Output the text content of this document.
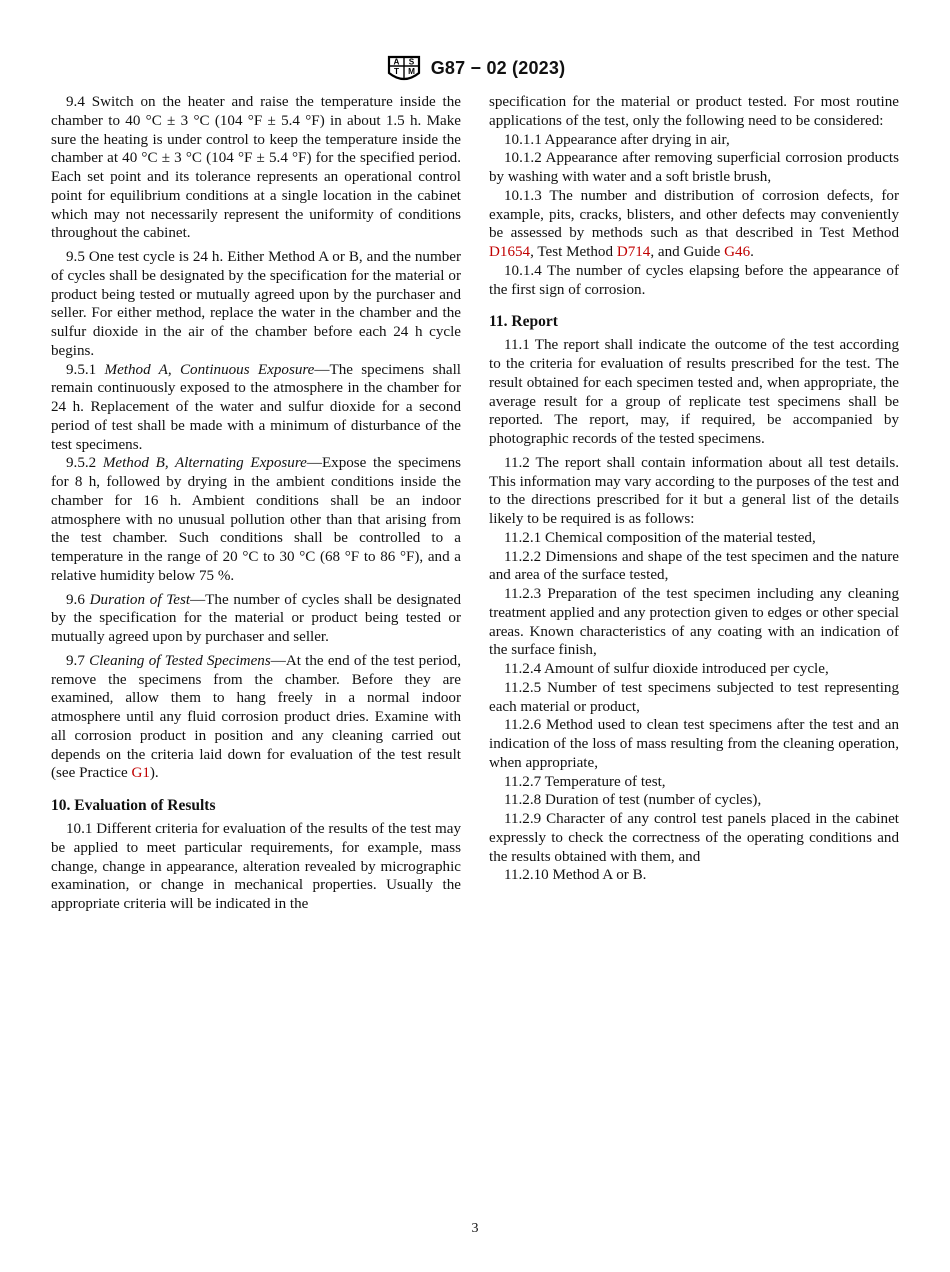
A S
T M G87 − 02 (2023)

9.4 Switch on the heater and raise the temperature inside the chamber to 40 °C ± 3 °C (104 °F ± 5.4 °F) in about 1.5 h. Make sure the heating is under control to keep the temperature inside the chamber at 40 °C ± 3 °C (104 °F ± 5.4 °F) for the specified period. Each set point and its tolerance represents an operational control point for equilibrium conditions at a single location in the cabinet which may not necessarily represent the uniformity of conditions throughout the cabinet.

9.5 One test cycle is 24 h. Either Method A or B, and the number of cycles shall be designated by the specification for the material or product being tested or mutually agreed upon by the purchaser and seller. For either method, replace the water in the chamber and the sulfur dioxide in the air of the chamber before each 24 h cycle begins.

9.5.1 Method A, Continuous Exposure—The specimens shall remain continuously exposed to the atmosphere in the chamber for 24 h. Replacement of the water and sulfur dioxide for a second period of test shall be made with a minimum of disturbance of the test specimens.

9.5.2 Method B, Alternating Exposure—Expose the specimens for 8 h, followed by drying in the ambient conditions inside the chamber for 16 h. Ambient conditions shall be an indoor atmosphere with no unusual pollution other than that arising from the test chamber. Such conditions shall be controlled to a temperature in the range of 20 °C to 30 °C (68 °F to 86 °F), and a relative humidity below 75 %.

9.6 Duration of Test—The number of cycles shall be designated by the specification for the material or product being tested or mutually agreed upon by purchaser and seller.

9.7 Cleaning of Tested Specimens—At the end of the test period, remove the specimens from the chamber. Before they are examined, allow them to hang freely in a normal indoor atmosphere until any fluid corrosion product dries. Examine with all corrosion product in position and any cleaning carried out depends on the criteria laid down for evaluation of the test result (see Practice G1).

10. Evaluation of Results

10.1 Different criteria for evaluation of the results of the test may be applied to meet particular requirements, for example, mass change, change in appearance, alteration revealed by micrographic examination, or change in mechanical properties. Usually the appropriate criteria will be indicated in the

specification for the material or product tested. For most routine applications of the test, only the following need to be considered:

10.1.1 Appearance after drying in air,

10.1.2 Appearance after removing superficial corrosion products by washing with water and a soft bristle brush,

10.1.3 The number and distribution of corrosion defects, for example, pits, cracks, blisters, and other defects may conveniently be assessed by methods such as that described in Test Method D1654, Test Method D714, and Guide G46.

10.1.4 The number of cycles elapsing before the appearance of the first sign of corrosion.

11. Report

11.1 The report shall indicate the outcome of the test according to the criteria for evaluation of results prescribed for the test. The result obtained for each specimen tested and, when appropriate, the average result for a group of replicate test specimens shall be reported. The report, may, if required, be accompanied by photographic records of the tested specimens.

11.2 The report shall contain information about all test details. This information may vary according to the purposes of the test and to the directions prescribed for it but a general list of the details likely to be required is as follows:

11.2.1 Chemical composition of the material tested,

11.2.2 Dimensions and shape of the test specimen and the nature and area of the surface tested,

11.2.3 Preparation of the test specimen including any cleaning treatment applied and any protection given to edges or other special areas. Known characteristics of any coating with an indication of the surface finish,

11.2.4 Amount of sulfur dioxide introduced per cycle,

11.2.5 Number of test specimens subjected to test representing each material or product,

11.2.6 Method used to clean test specimens after the test and an indication of the loss of mass resulting from the cleaning operation, when appropriate,

11.2.7 Temperature of test,

11.2.8 Duration of test (number of cycles),

11.2.9 Character of any control test panels placed in the cabinet expressly to check the correctness of the operating conditions and the results obtained with them, and

11.2.10 Method A or B.

3
